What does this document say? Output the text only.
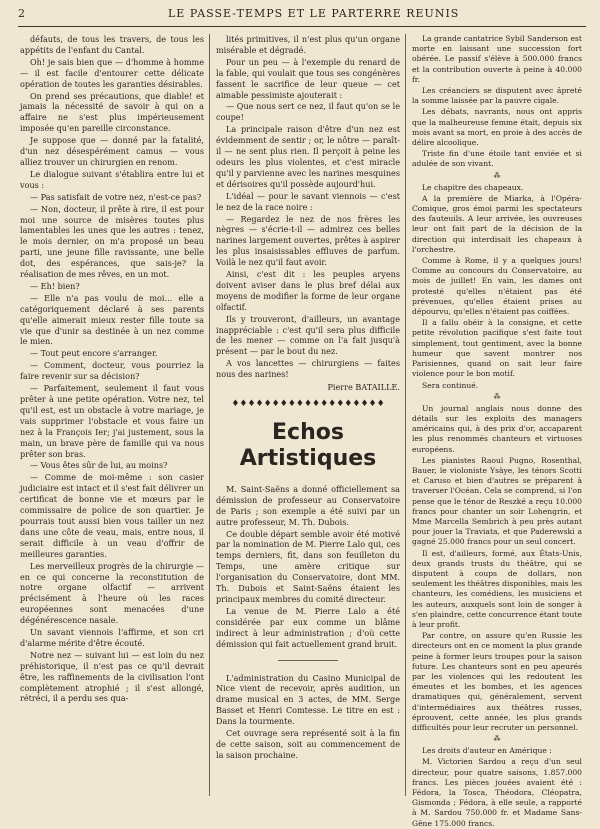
2	LE PASSE-TEMPS ET LE PARTERRE REUNIS

défauts, de tous les travers, de tous les appétits de l'enfant du Cantal.

Oh! je sais bien que — d'homme à homme — il est facile d'entourer cette délicate opération de toutes les garanties désirables.

On prend ses précautions, que diable! et jamais la nécessité de savoir à qui on a affaire ne s'est plus impérieusement imposée qu'en pareille circonstance.

Je suppose que — donné par la fatalité, d'un nez désespérément camus — vous alliez trouver un chirurgien en renom.

Le dialogue suivant s'établira entre lui et vous :

— Pas satisfait de votre nez, n'est-ce pas?

— Non, docteur, il prête à rire, il est pour moi une source de misères toutes plus lamentables les unes que les autres : tenez, le mois dernier, on m'a proposé un beau parti, une jeune fille ravissante, une belle dot, des espérances, que sais-je? la réalisation de mes rêves, en un mot.

— Eh! bien?

— Elle n'a pas voulu de moi... elle a catégoriquement déclaré à ses parents qu'elle aimerait mieux rester fille toute sa vie que d'unir sa destinée à un nez comme le mien.

— Tout peut encore s'arranger.

— Comment, docteur, vous pourriez la faire revenir sur sa décision?

— Parfaitement, seulement il faut vous prêter à une petite opération. Votre nez, tel qu'il est, est un obstacle à votre mariage, je vais supprimer l'obstacle et vous faire un nez à la François Ier; j'ai justement, sous la main, un brave père de famille qui va nous prêter son bras.

— Vous êtes sûr de lui, au moins?

— Comme de moi-même : son casier judiciaire est intact et il s'est fait délivrer un certificat de bonne vie et mœurs par le commissaire de police de son quartier. Je pourrais tout aussi bien vous tailler un nez dans une côte de veau, mais, entre nous, il serait difficile à un veau d'offrir de meilleures garanties.

Les merveilleux progrès de la chirurgie — en ce qui concerne la reconstitution de notre organe olfactif — arrivent précisément à l'heure où les races européennes sont menacées d'une dégénérescence nasale.

Un savant viennois l'affirme, et son cri d'alarme mérite d'être écouté.

Notre nez — suivant lui — est loin du nez préhistorique, il n'est pas ce qu'il devrait être, les raffinements de la civilisation l'ont complètement atrophié ; il s'est allongé, rétréci, il a perdu ses qua-

lités primitives, il n'est plus qu'un organe misérable et dégradé.

Pour un peu — à l'exemple du renard de la fable, qui voulait que tous ses congénères fassent le sacrifice de leur queue — cet aimable pessimiste ajouterait :

— Que nous sert ce nez, il faut qu'on se le coupe!

La principale raison d'être d'un nez est évidemment de sentir ; or, le nôtre — paraît-il — ne sent plus rien. Il perçoit à peine les odeurs les plus violentes, et c'est miracle qu'il y parvienne avec les narines mesquines et dérisoires qu'il possède aujourd'hui.

L'idéal — pour le savant viennois — c'est le nez de la race noire :

— Regardez le nez de nos frères les nègres — s'écrie-t-il — admirez ces belles narines largement ouvertes, prêtes à aspirer les plus insaisissables effluves de parfum. Voilà le nez qu'il faut avoir.

Ainsi, c'est dit : les peuples aryens doivent aviser dans le plus bref délai aux moyens de modifier la forme de leur organe olfactif.

Ils y trouveront, d'ailleurs, un avantage inappréciable : c'est qu'il sera plus difficile de les mener — comme on l'a fait jusqu'à présent — par le bout du nez.

A vos lancettes — chirurgiens — faites nous des narines!

Pierre BATAILLE.
♦♦♦♦♦♦♦♦♦♦♦♦♦♦♦♦♦♦♦
Echos Artistiques

M. Saint-Saëns a donné officiellement sa démission de professeur au Conservatoire de Paris ; son exemple a été suivi par un autre professeur, M. Th. Dubois.

Ce double départ semble avoir été motivé par la nomination de M. Pierre Lalo qui, ces temps derniers, fit, dans son feuilleton du Temps, une amère critique sur l'organisation du Conservatoire, dont MM. Th. Dubois et Saint-Saëns étaient les principaux membres du comité directeur.

La venue de M. Pierre Lalo a été considérée par eux comme un blâme indirect à leur administration ; d'où cette démission qui fait actuellement grand bruit.

L'administration du Casino Municipal de Nice vient de recevoir, après audition, un drame musical en 3 actes, de MM. Serge Basset et Henri Comtesse. Le titre en est : Dans la tourmente.

Cet ouvrage sera représenté soit à la fin de cette saison, soit au commencement de la saison prochaine.

La grande cantatrice Sybil Sanderson est morte en laissant une succession fort obérée. Le passif s'élève à 500.000 francs et la contribution ouverte à peine à 40.000 fr.

Les créanciers se disputent avec âpreté la somme laissée par la pauvre cigale.

Les débats, navrants, nous ont appris que la malheureuse femme était, depuis six mois avant sa mort, en proie à des accès de délire alcoolique.

Triste fin d'une étoile tant enviée et si adulée de son vivant.

⁂

Le chapitre des chapeaux.

A la première de Miarka, à l'Opéra-Comique, gros émoi parmi les spectateurs des fauteuils. A leur arrivée, les ouvreuses leur ont fait part de la décision de la direction qui interdisait les chapeaux à l'orchestre.

Comme à Rome, il y a quelques jours! Comme au concours du Conservatoire, au mois de juillet! En vain, les dames ont protesté qu'elles n'étaient pas été prévenues, qu'elles étaient prises au dépourvu, qu'elles n'étaient pas coiffées.

Il a fallu obéir à la consigne, et cette petite révolution pacifique s'est faite tout simplement, tout gentiment, avec la bonne humeur que savent montrer nos Parisiennes, quand on sait leur faire violence pour le bon motif.

Sera continué.

⁂

Un journal anglais nous donne des détails sur les exploits des managers américains qui, à des prix d'or, accaparent les plus renommés chanteurs et virtuoses européens.

Les pianistes Raoul Pugno, Rosenthal, Bauer, le violoniste Ysäye, les ténors Scotti et Caruso et bien d'autres se préparent à traverser l'Océan. Cela se comprend, si l'on pense que le ténor de Reszké a reçu 10.000 francs pour chanter un soir Lohengrin, et Mme Marcella Sembrich à peu près autant pour jouer la Traviata, et que Paderewski a gagné 25.000 francs pour un seul concert.

Il est, d'ailleurs, formé, aux États-Unis, deux grands trusts du théâtre, qui se disputent à coups de dollars, non seulement les théâtres disponibles, mais les chanteurs, les comédiens, les musiciens et les auteurs, auxquels sont loin de songer à s'en plaindre, cette concurrence étant toute à leur profit.

Par contre, on assure qu'en Russie les directeurs ont en ce moment la plus grande peine à former leurs troupes pour la saison future. Les chanteurs sont en peu apeurés par les violences qui les redoutent les émeutes et les bombes, et les agences dramatiques qui, généralement, servent d'intermédiaires aux théâtres russes, éprouvent, cette année, les plus grands difficultés pour leur recruter un personnel.

⁂

Les droits d'auteur en Amérique :

M. Victorien Sardou a reçu d'un seul directeur, pour quatre saisons, 1.857.000 francs. Les pièces jouées avaient été : Fédora, la Tosca, Théodora, Cléopatra, Gismonda ; Fédora, à elle seule, a rapporté à M. Sardou 750.000 fr. et Madame Sans-Gêne 175.000 francs.
